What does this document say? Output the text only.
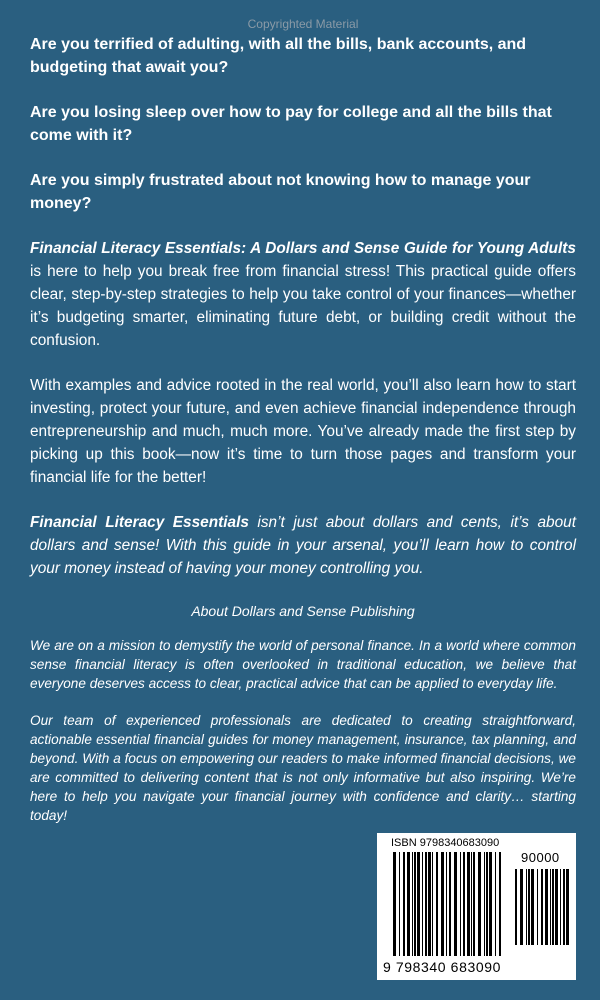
Copyrighted Material
Are you terrified of adulting, with all the bills, bank accounts, and budgeting that await you?
Are you losing sleep over how to pay for college and all the bills that come with it?
Are you simply frustrated about not knowing how to manage your money?
Financial Literacy Essentials: A Dollars and Sense Guide for Young Adults is here to help you break free from financial stress! This practical guide offers clear, step-by-step strategies to help you take control of your finances—whether it’s budgeting smarter, eliminating future debt, or building credit without the confusion.
With examples and advice rooted in the real world, you’ll also learn how to start investing, protect your future, and even achieve financial independence through entrepreneurship and much, much more. You’ve already made the first step by picking up this book—now it’s time to turn those pages and transform your financial life for the better!
Financial Literacy Essentials isn’t just about dollars and cents, it’s about dollars and sense! With this guide in your arsenal, you’ll learn how to control your money instead of having your money controlling you.
About Dollars and Sense Publishing
We are on a mission to demystify the world of personal finance. In a world where common sense financial literacy is often overlooked in traditional education, we believe that everyone deserves access to clear, practical advice that can be applied to everyday life.
Our team of experienced professionals are dedicated to creating straightforward, actionable essential financial guides for money management, insurance, tax planning, and beyond. With a focus on empowering our readers to make informed financial decisions, we are committed to delivering content that is not only informative but also inspiring. We’re here to help you navigate your financial journey with confidence and clarity… starting today!
ISBN 9798340683090
90000
9 798340 683090
